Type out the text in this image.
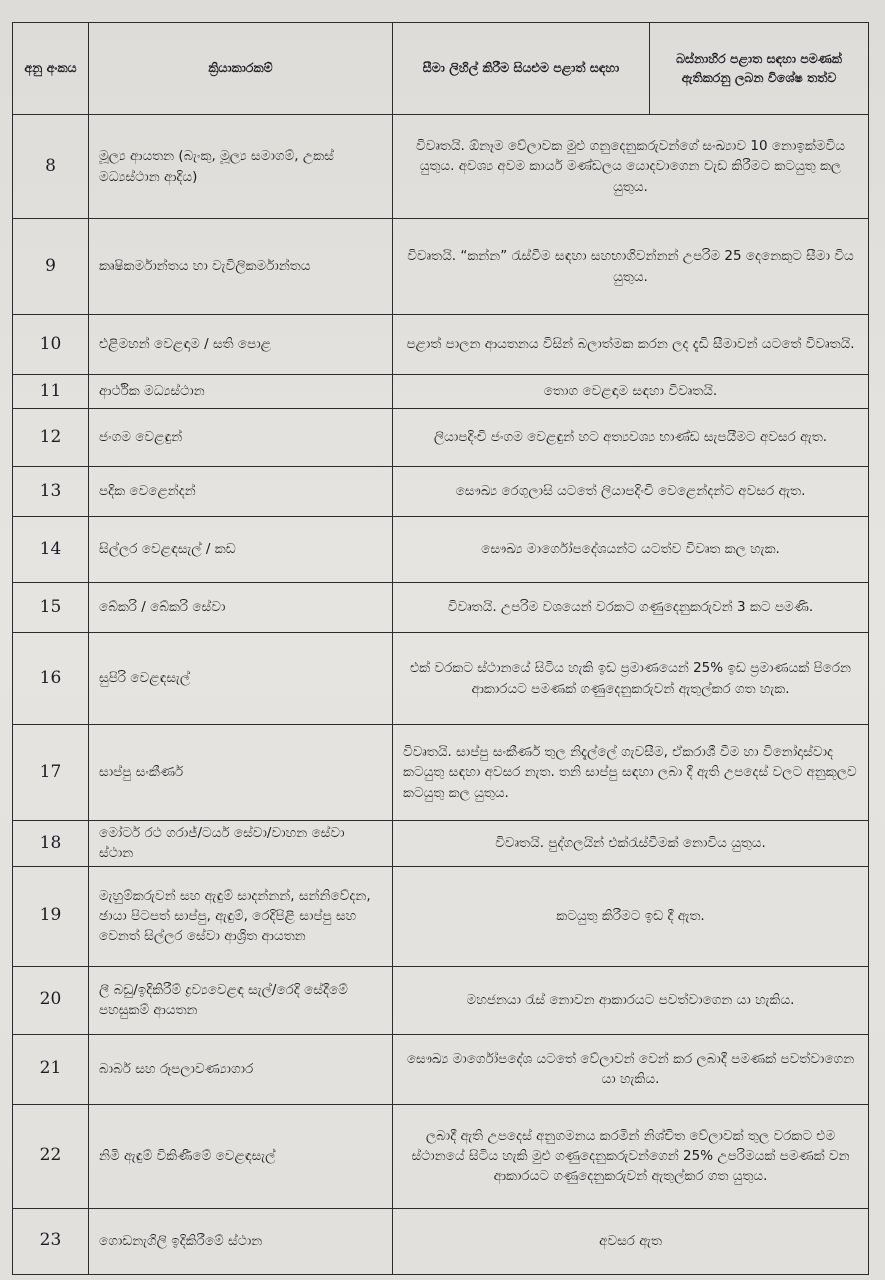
අනු අංකය	ක්‍රියාකාරකම්	සීමා ලිහිල් කිරීම සියළුම පළාත් සඳහා	බස්නාහිර පළාත සඳහා පමණක් ඇතිකරනු ලබන විශේෂ තත්ව
8	මූල්‍ය ආයතන (බැංකු, මූල්‍ය සමාගම්, උකස් මධ්‍යස්ථාන ආදිය)	විවෘතයි. ඕනෑම වේලාවක මුළු ගනුදෙනුකරුවන්ගේ සංඛ්‍යාව 10 නොඉක්මවිය යුතුය. අවශ්‍ය අවම කාර්ය මණ්ඩලය යොදවාගෙන වැඩ කිරීමට කටයුතු කල යුතුය.	
9	කෘෂිකර්මාන්තය හා වැවිලිකර්මාන්තය	විවෘතයි. “කන්න” රැස්වීම සඳහා සහභාගිවන්නන් උපරිම 25 දෙනෙකුට සීමා විය යුතුය.	
10	එළිමහන් වෙළඳාම / සති පොළ	පළාත් පාලන ආයතනය විසින් බලාත්මක කරන ලද දැඩි සීමාවන් යටතේ විවෘතයි.	
11	ආර්ථික මධ්‍යස්ථාන	තොග වෙළඳාම සඳහා විවෘතයි.	
12	ජංගම වෙළඳුන්	ලියාපදිංචි ජංගම වෙළඳුන් හට අත්‍යවශ්‍ය භාණ්ඩ සැපයීමට අවසර ඇත.	
13	පදික වෙළෙන්දන්	සෞඛ්‍ය රෙගුලාසි යටතේ ලියාපදිංචි වෙළෙන්දන්ට අවසර ඇත.	
14	සිල්ලර වෙළඳසැල් / කඩ	සෞඛ්‍ය මාර්ගෝපදේශයන්ට යටත්ව විවෘත කල හැක.	
15	බේකරි / බේකරි සේවා	විවෘතයි. උපරිම වශයෙන් වරකට ගණුදෙනුකරුවන් 3 කට පමණි.	
16	සුපිරි වෙළඳසැල්	එක් වරකට ස්ථානයේ සිටිය හැකි ඉඩ ප්‍රමාණයෙන් 25% ඉඩ ප්‍රමාණයක් පිරෙන ආකාරයට පමණක් ගණුදෙනුකරුවන් ඇතුල්කර ගත හැක.	
17	සාප්පු සංකීර්ණ	විවෘතයි. සාප්පු සංකීර්ණ තුල නිදැල්ලේ ගැවසීම, ඒකරාශී වීම හා විනෝදාස්වාද කටයුතු සඳහා අවසර නැත. තනි සාප්පු සඳහා ලබා දී ඇති උපදෙස් වලට අනුකූලව කටයුතු කල යුතුය.	
18	මෝටර් රථ ගරාජ්/ටයර් සේවා/වාහන සේවා ස්ථාන	විවෘතයි. පුද්ගලයින් එක්රැස්වීමක් නොවිය යුතුය.	
19	මැහුම්කරුවන් සහ ඇඳුම් සාදන්නන්, සන්නිවේදන, ඡායා පිටපත් සාප්පු, ඇඳුම්, රෙදිපිළි සාප්පු සහ වෙනත් සිල්ලර සේවා ආශ්‍රිත ආයතන	කටයුතු කිරීමට ඉඩ දී ඇත.	
20	ලී බඩු/ඉදිකිරීම් ද්‍රව්‍යවෙළඳ සැල්/රෙදි සේදීමේ පහසුකම් ආයතන	මහජනයා රැස් නොවන ආකාරයට පවත්වාගෙන යා හැකිය.	
21	බාබර් සහ රූපලාවණ්‍යාගාර	සෞඛ්‍ය මාර්ගෝපදේශ යටතේ වේලාවන් වෙන් කර ලබාදී පමණක් පවත්වාගෙන යා හැකිය.	
22	නිමි ඇඳුම් විකිණීමේ වෙළඳසැල්	ලබාදී ඇති උපදෙස් අනුගමනය කරමින් නිශ්චිත වේලාවක් තුල වරකට එම ස්ථානයේ සිටිය හැකි මුළු ගණුදෙනුකරුවන්ගෙන් 25% උපරිමයක් පමණක් වන ආකාරයට ගණුදෙනුකරුවන් ඇතුල්කර ගත යුතුය.	
23	ගොඩනැගිලි ඉදිකිරීමේ ස්ථාන	අවසර ඇත	
